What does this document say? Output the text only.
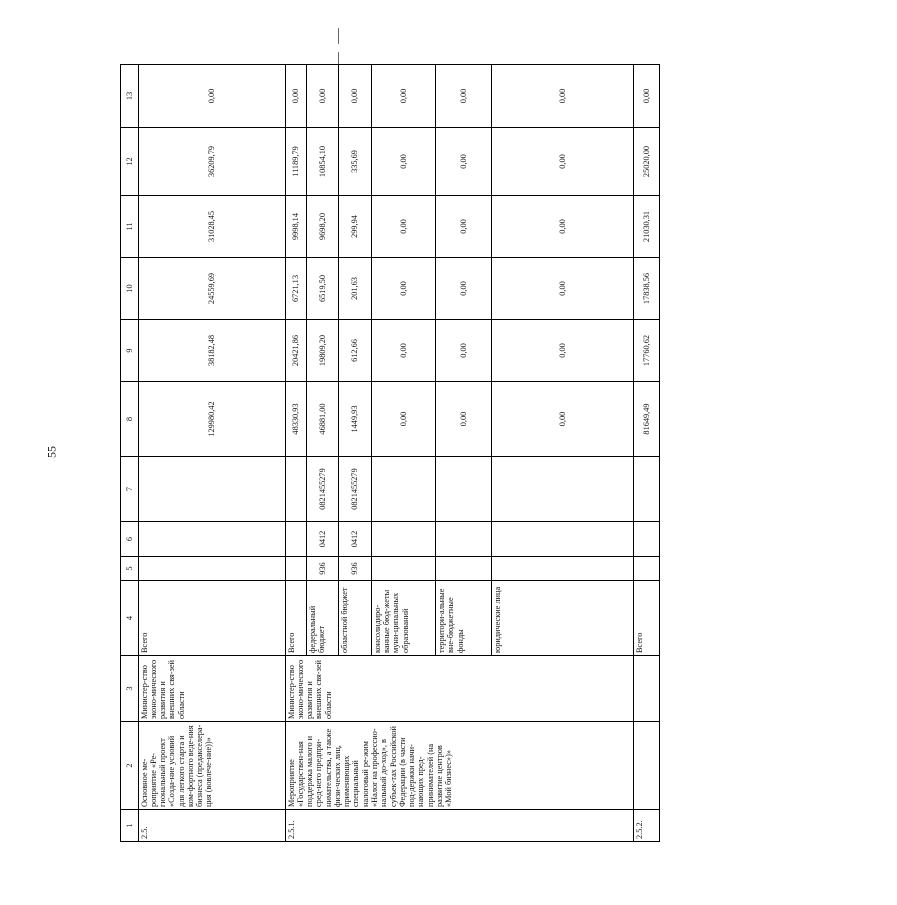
55
1	2	3	4	5	6	7	8	9	10	11	12	13
2.5.	Основное ме-роприятие «Ре-гиональный проект «Созда-ние условий для легкого старта и ком-фортного веде-ния бизнеса (предакселера-ция (вовлече-ние))»	Министер-ство эконо-мического развития и внешних свя-зей области	Всего				129980,42	38182,48	24559,69	31028,45	36209,79	0,00
2.5.1.	Мероприятие «Государствен-ная поддержка малого и сред-него предпри-нимательства, а также физи-ческих лиц, применяющих специальный налоговый ре-жим «Налог на профессио-нальный до-ход», в субъек-тах Российской Федерации (в части под-держки начи-нающих пред-принимателей (на развитие центров «Мой бизнес»)»	Министер-ство эконо-мического развития и внешних свя-зей области	Всего				48330,93	20421,86	6721,13	9998,14	11189,79	0,00
			федеральный бюджет	936	0412	0821455279	46881,00	19809,20	6519,50	9698,20	10854,10	0,00
			областной бюджет	936	0412	0821455279	1449,93	612,66	201,63	299,94	335,69	0,00
			консолидиро-ванные бюд-жеты муни-ципальных образований				0,00	0,00	0,00	0,00	0,00	0,00
			территори-альные вне-бюджетные фонды				0,00	0,00	0,00	0,00	0,00	0,00
			юридические лица				0,00	0,00	0,00	0,00	0,00	0,00
2.5.2.			Всего				81649,49	17760,62	17838,56	21030,31	25020,00	0,00
